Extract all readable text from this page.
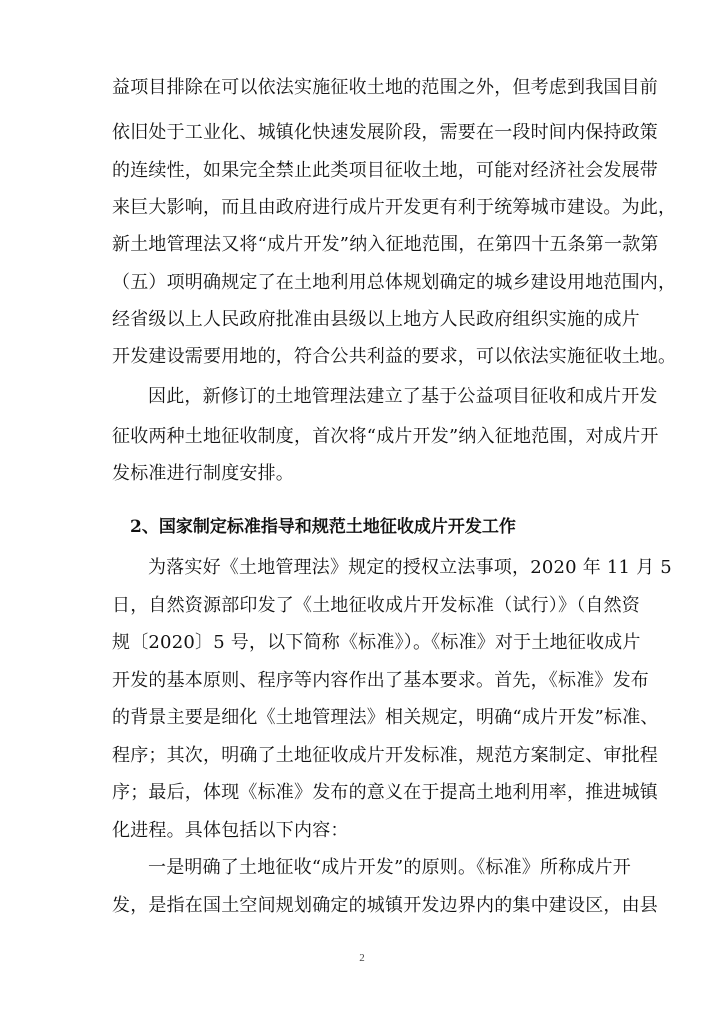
益项目排除在可以依法实施征收土地的范围之外，但考虑到我国目前
依旧处于工业化、城镇化快速发展阶段，需要在一段时间内保持政策
的连续性，如果完全禁止此类项目征收土地，可能对经济社会发展带
来巨大影响，而且由政府进行成片开发更有利于统筹城市建设。为此，
新土地管理法又将“成片开发”纳入征地范围，在第四十五条第一款第
（五）项明确规定了在土地利用总体规划确定的城乡建设用地范围内，
经省级以上人民政府批准由县级以上地方人民政府组织实施的成片
开发建设需要用地的，符合公共利益的要求，可以依法实施征收土地。
因此，新修订的土地管理法建立了基于公益项目征收和成片开发
征收两种土地征收制度，首次将“成片开发”纳入征地范围，对成片开
发标准进行制度安排。
2、国家制定标准指导和规范土地征收成片开发工作
为落实好《土地管理法》规定的授权立法事项，2020 年 11 月 5
日，自然资源部印发了《土地征收成片开发标准（试行）》（自然资
规〔2020〕5 号，以下简称《标准》）。《标准》对于土地征收成片
开发的基本原则、程序等内容作出了基本要求。首先，《标准》发布
的背景主要是细化《土地管理法》相关规定，明确“成片开发”标准、
程序；其次，明确了土地征收成片开发标准，规范方案制定、审批程
序；最后，体现《标准》发布的意义在于提高土地利用率，推进城镇
化进程。具体包括以下内容：
一是明确了土地征收“成片开发”的原则。《标准》所称成片开
发，是指在国土空间规划确定的城镇开发边界内的集中建设区，由县
2
